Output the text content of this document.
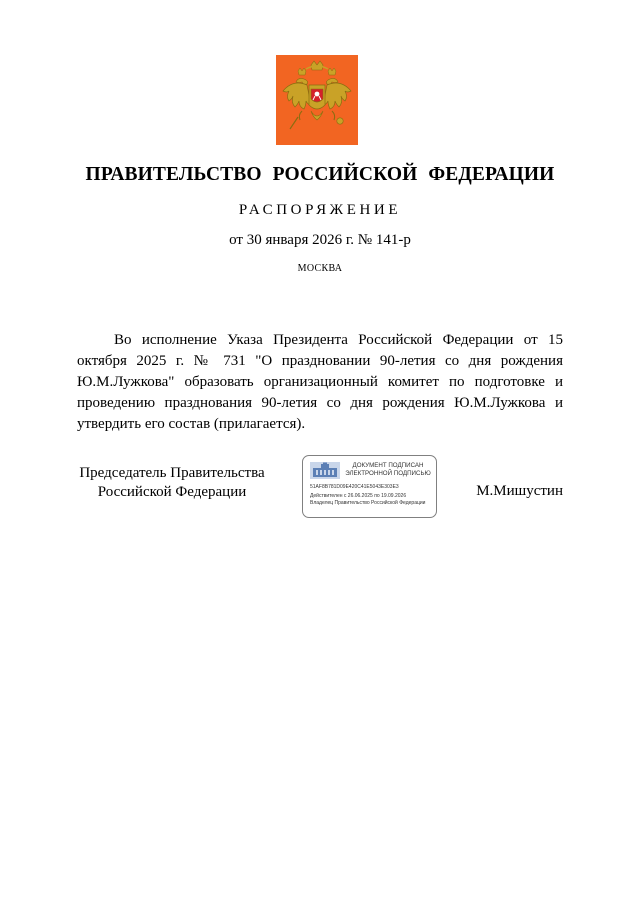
ПРАВИТЕЛЬСТВО РОССИЙСКОЙ ФЕДЕРАЦИИ
РАСПОРЯЖЕНИЕ
от 30 января 2026 г. № 141-р
МОСКВА
Во исполнение Указа Президента Российской Федерации от 15 октября 2025 г. № 731 "О праздновании 90-летия со дня рождения Ю.М.Лужкова" образовать организационный комитет по подготовке и проведению празднования 90-летия со дня рождения Ю.М.Лужкова и утвердить его состав (прилагается).
Председатель Правительства
Российской Федерации
ДОКУМЕНТ ПОДПИСАН
ЭЛЕКТРОННОЙ ПОДПИСЬЮ
51AF8B781D09E420C41E5043E303E3
Действителен с 26.06.2025 по 19.09.2026
Владелец Правительство Российской Федерации
М.Мишустин
